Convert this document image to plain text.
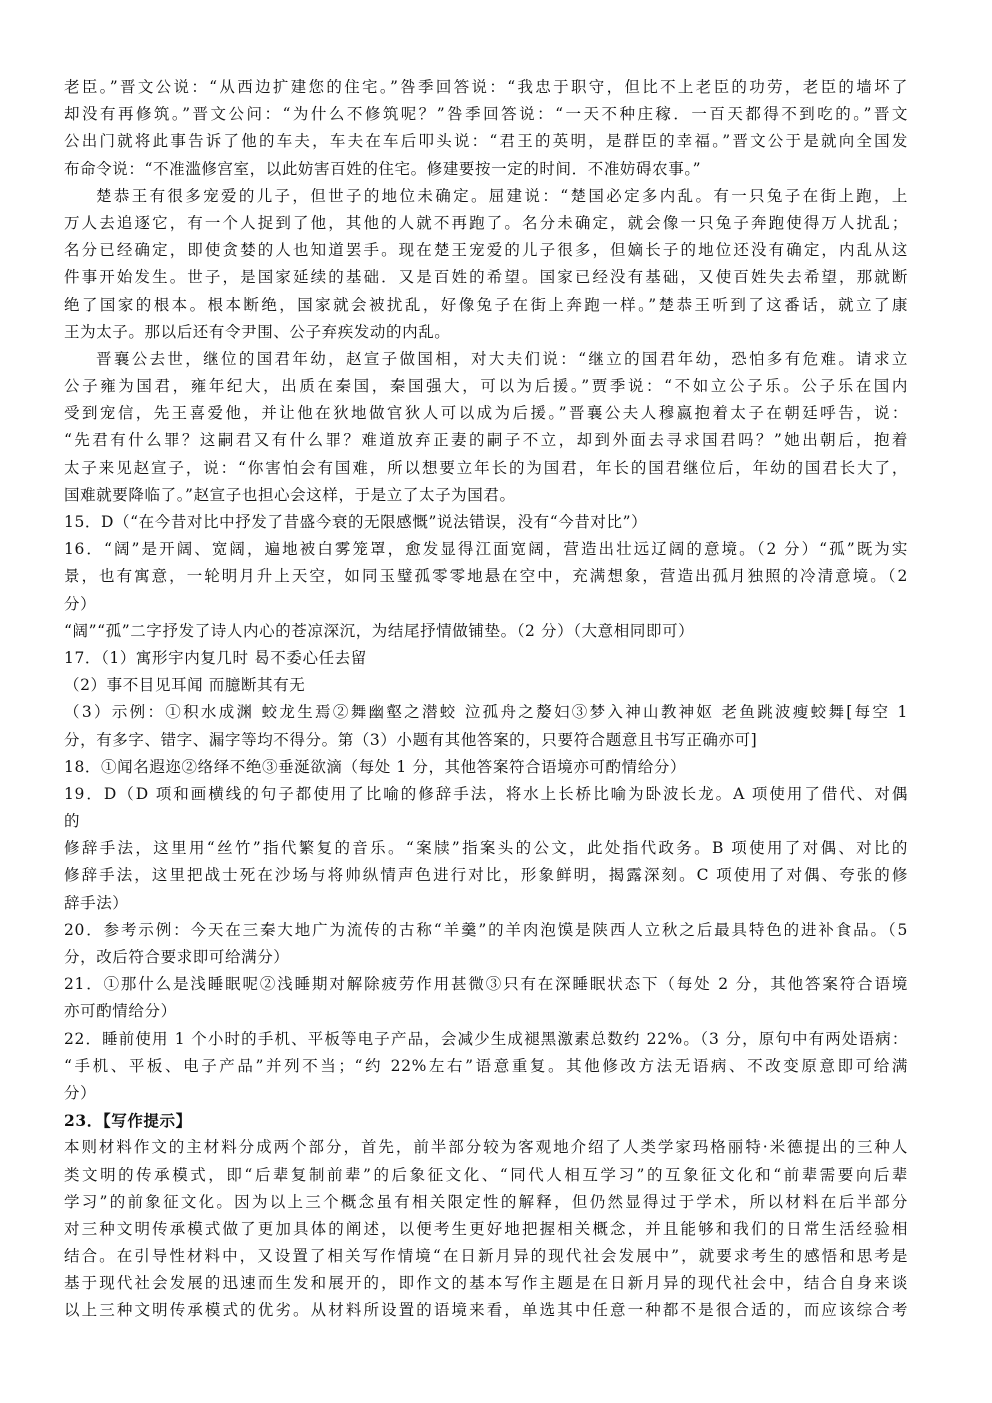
老臣。”晋文公说：“从西边扩建您的住宅。”咎季回答说：“我忠于职守，但比不上老臣的功劳，老臣的墙坏了
却没有再修筑。”晋文公问：“为什么不修筑呢？”咎季回答说：“一天不种庄稼．一百天都得不到吃的。”晋文
公出门就将此事告诉了他的车夫，车夫在车后叩头说：“君王的英明，是群臣的幸福。”晋文公于是就向全国发
布命令说：“不准滥修宫室，以此妨害百姓的住宅。修建要按一定的时间．不准妨碍农事。”
楚恭王有很多宠爱的儿子，但世子的地位未确定。屈建说：“楚国必定多内乱。有一只兔子在街上跑，上
万人去追逐它，有一个人捉到了他，其他的人就不再跑了。名分未确定，就会像一只兔子奔跑使得万人扰乱；
名分已经确定，即使贪婪的人也知道罢手。现在楚王宠爱的儿子很多，但嫡长子的地位还没有确定，内乱从这
件事开始发生。世子，是国家延续的基础．又是百姓的希望。国家已经没有基础，又使百姓失去希望，那就断
绝了国家的根本。根本断绝，国家就会被扰乱，好像兔子在街上奔跑一样。”楚恭王听到了这番话，就立了康
王为太子。那以后还有令尹围、公子弃疾发动的内乱。
晋襄公去世，继位的国君年幼，赵宣子做国相，对大夫们说：“继立的国君年幼，恐怕多有危难。请求立
公子雍为国君，雍年纪大，出质在秦国，秦国强大，可以为后援。”贾季说：“不如立公子乐。公子乐在国内
受到宠信，先王喜爱他，并让他在狄地做官狄人可以成为后援。”晋襄公夫人穆嬴抱着太子在朝廷呼告，说：
“先君有什么罪？这嗣君又有什么罪？难道放弃正妻的嗣子不立，却到外面去寻求国君吗？”她出朝后，抱着
太子来见赵宣子，说：“你害怕会有国难，所以想要立年长的为国君，年长的国君继位后，年幼的国君长大了，
国难就要降临了。”赵宣子也担心会这样，于是立了太子为国君。
15．D（“在今昔对比中抒发了昔盛今衰的无限感慨”说法错误，没有“今昔对比”）
16．“阔”是开阔、宽阔，遍地被白雾笼罩，愈发显得江面宽阔，营造出壮远辽阔的意境。（2 分）“孤”既为实
景，也有寓意，一轮明月升上天空，如同玉璧孤零零地悬在空中，充满想象，营造出孤月独照的冷清意境。（2
分）
“阔”“孤”二字抒发了诗人内心的苍凉深沉，为结尾抒情做铺垫。（2 分）（大意相同即可）
17．（1）寓形宇内复几时 曷不委心任去留
（2）事不目见耳闻 而臆断其有无
（3）示例：①积水成渊 蛟龙生焉②舞幽壑之潜蛟 泣孤舟之嫠妇③梦入神山教神妪 老鱼跳波瘦蛟舞[每空 1
分，有多字、错字、漏字等均不得分。第（3）小题有其他答案的，只要符合题意且书写正确亦可]
18．①闻名遐迩②络绎不绝③垂涎欲滴（每处 1 分，其他答案符合语境亦可酌情给分）
19．D（D 项和画横线的句子都使用了比喻的修辞手法，将水上长桥比喻为卧波长龙。A 项使用了借代、对偶
的
修辞手法，这里用“丝竹”指代繁复的音乐。“案牍”指案头的公文，此处指代政务。B 项使用了对偶、对比的
修辞手法，这里把战士死在沙场与将帅纵情声色进行对比，形象鲜明，揭露深刻。C 项使用了对偶、夸张的修
辞手法）
20．参考示例：今天在三秦大地广为流传的古称“羊羹”的羊肉泡馍是陕西人立秋之后最具特色的进补食品。（5
分，改后符合要求即可给满分）
21．①那什么是浅睡眠呢②浅睡期对解除疲劳作用甚微③只有在深睡眠状态下（每处 2 分，其他答案符合语境
亦可酌情给分）
22．睡前使用 1 个小时的手机、平板等电子产品，会减少生成褪黑激素总数约 22%。（3 分，原句中有两处语病：
“手机、平板、电子产品”并列不当；“约 22%左右”语意重复。其他修改方法无语病、不改变原意即可给满
分）
23．【写作提示】
本则材料作文的主材料分成两个部分，首先，前半部分较为客观地介绍了人类学家玛格丽特·米德提出的三种人
类文明的传承模式，即“后辈复制前辈”的后象征文化、“同代人相互学习”的互象征文化和“前辈需要向后辈
学习”的前象征文化。因为以上三个概念虽有相关限定性的解释，但仍然显得过于学术，所以材料在后半部分
对三种文明传承模式做了更加具体的阐述，以便考生更好地把握相关概念，并且能够和我们的日常生活经验相
结合。在引导性材料中，又设置了相关写作情境“在日新月异的现代社会发展中”，就要求考生的感悟和思考是
基于现代社会发展的迅速而生发和展开的，即作文的基本写作主题是在日新月异的现代社会中，结合自身来谈
以上三种文明传承模式的优劣。从材料所设置的语境来看，单选其中任意一种都不是很合适的，而应该综合考
